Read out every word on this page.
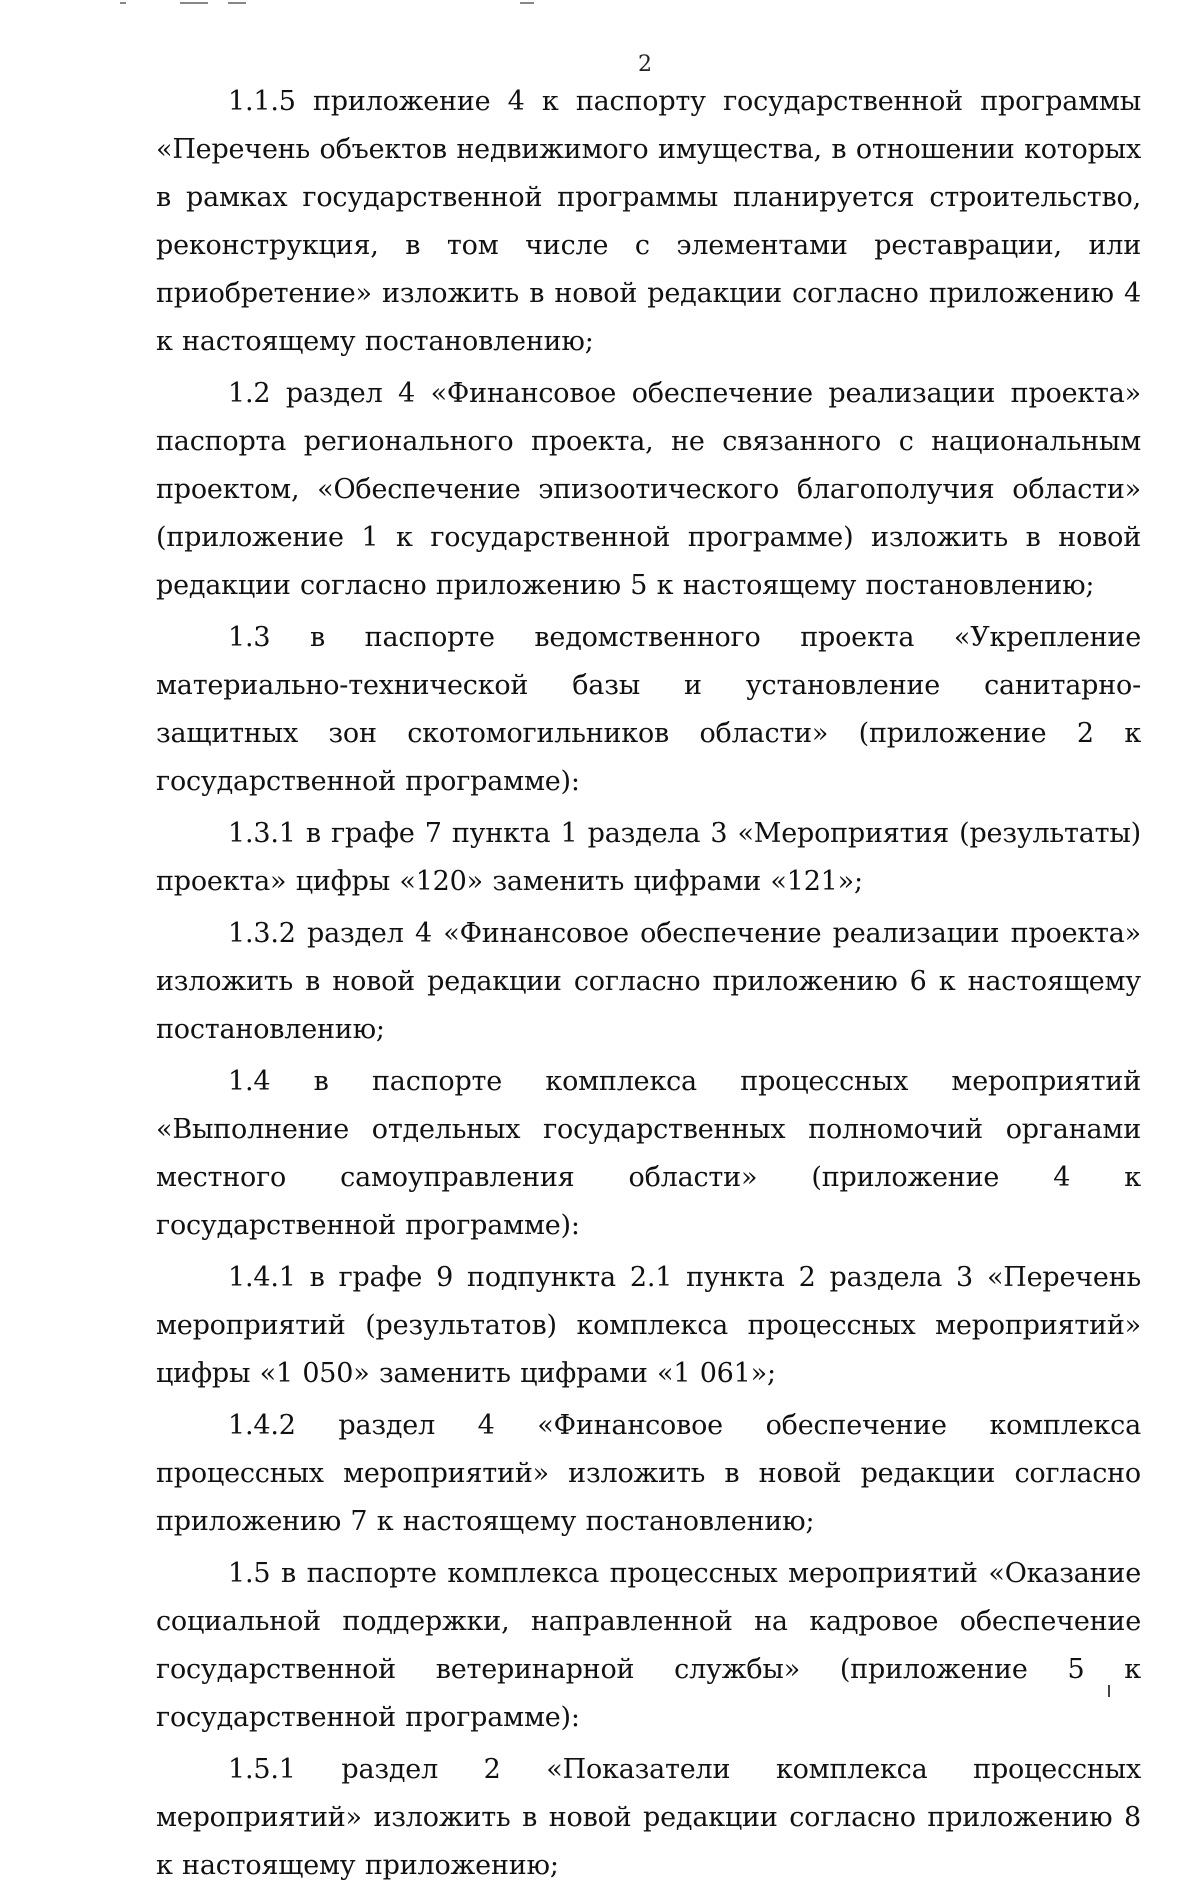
2

1.1.5 приложение 4 к паспорту государственной программы «Перечень объектов недвижимого имущества, в отношении которых в рамках государственной программы планируется строительство, реконструкция, в том числе с элементами реставрации, или приобретение» изложить в новой редакции согласно приложению 4 к настоящему постановлению;

1.2 раздел 4 «Финансовое обеспечение реализации проекта» паспорта регионального проекта, не связанного с национальным проектом, «Обеспечение эпизоотического благополучия области» (приложение 1 к государственной программе) изложить в новой редакции согласно приложению 5 к настоящему постановлению;

1.3 в паспорте ведомственного проекта «Укрепление материально-технической базы и установление санитарно-защитных зон скотомогильников области» (приложение 2 к государственной программе):

1.3.1 в графе 7 пункта 1 раздела 3 «Мероприятия (результаты) проекта» цифры «120» заменить цифрами «121»;

1.3.2 раздел 4 «Финансовое обеспечение реализации проекта» изложить в новой редакции согласно приложению 6 к настоящему постановлению;

1.4 в паспорте комплекса процессных мероприятий «Выполнение отдельных государственных полномочий органами местного самоуправления области» (приложение 4 к государственной программе):

1.4.1 в графе 9 подпункта 2.1 пункта 2 раздела 3 «Перечень мероприятий (результатов) комплекса процессных мероприятий» цифры «1 050» заменить цифрами «1 061»;

1.4.2 раздел 4 «Финансовое обеспечение комплекса процессных мероприятий» изложить в новой редакции согласно приложению 7 к настоящему постановлению;

1.5 в паспорте комплекса процессных мероприятий «Оказание социальной поддержки, направленной на кадровое обеспечение государственной ветеринарной службы» (приложение 5 к государственной программе):

1.5.1 раздел 2 «Показатели комплекса процессных мероприятий» изложить в новой редакции согласно приложению 8 к настоящему приложению;
